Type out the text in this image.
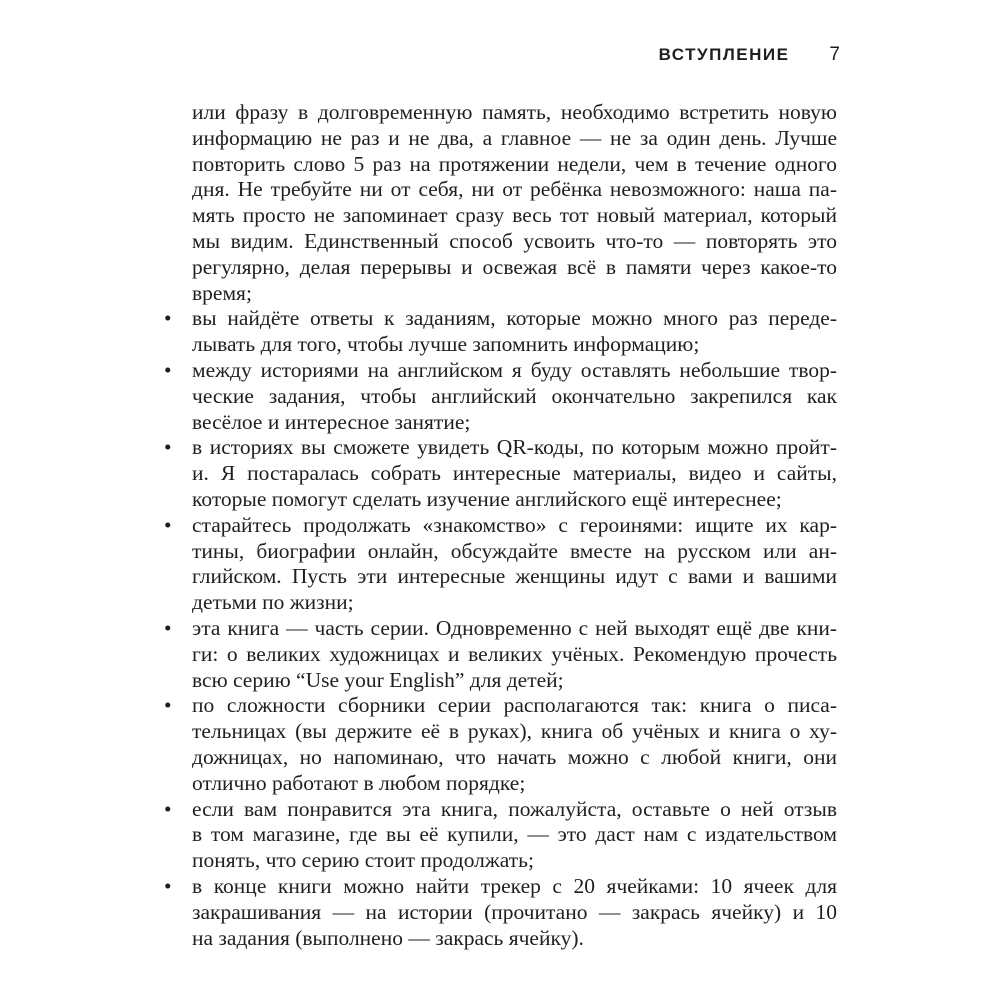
ВСТУПЛЕНИЕ 7
или фразу в долговременную память, необходимо встретить новую
информацию не раз и не два, а главное — не за один день. Лучше
повторить слово 5 раз на протяжении недели, чем в течение одного
дня. Не требуйте ни от себя, ни от ребёнка невозможного: наша па-
мять просто не запоминает сразу весь тот новый материал, который
мы видим. Единственный способ усвоить что-то — повторять это
регулярно, делая перерывы и освежая всё в памяти через какое-то
время;
вы найдёте ответы к заданиям, которые можно много раз переде-
•
лывать для того, чтобы лучше запомнить информацию;
между историями на английском я буду оставлять небольшие твор-
•
ческие задания, чтобы английский окончательно закрепился как
весёлое и интересное занятие;
в историях вы сможете увидеть QR-коды, по которым можно пройт-
•
и. Я постаралась собрать интересные материалы, видео и сайты,
которые помогут сделать изучение английского ещё интереснее;
старайтесь продолжать «знакомство» с героинями: ищите их кар-
•
тины, биографии онлайн, обсуждайте вместе на русском или ан-
глийском. Пусть эти интересные женщины идут с вами и вашими
детьми по жизни;
эта книга — часть серии. Одновременно с ней выходят ещё две кни-
•
ги: о великих художницах и великих учёных. Рекомендую прочесть
всю серию “Use your English” для детей;
по сложности сборники серии располагаются так: книга о писа-
•
тельницах (вы держите её в руках), книга об учёных и книга о ху-
дожницах, но напоминаю, что начать можно с любой книги, они
отлично работают в любом порядке;
если вам понравится эта книга, пожалуйста, оставьте о ней отзыв
•
в том магазине, где вы её купили, — это даст нам с издательством
понять, что серию стоит продолжать;
в конце книги можно найти трекер с 20 ячейками: 10 ячеек для
•
закрашивания — на истории (прочитано — закрась ячейку) и 10
на задания (выполнено — закрась ячейку).
